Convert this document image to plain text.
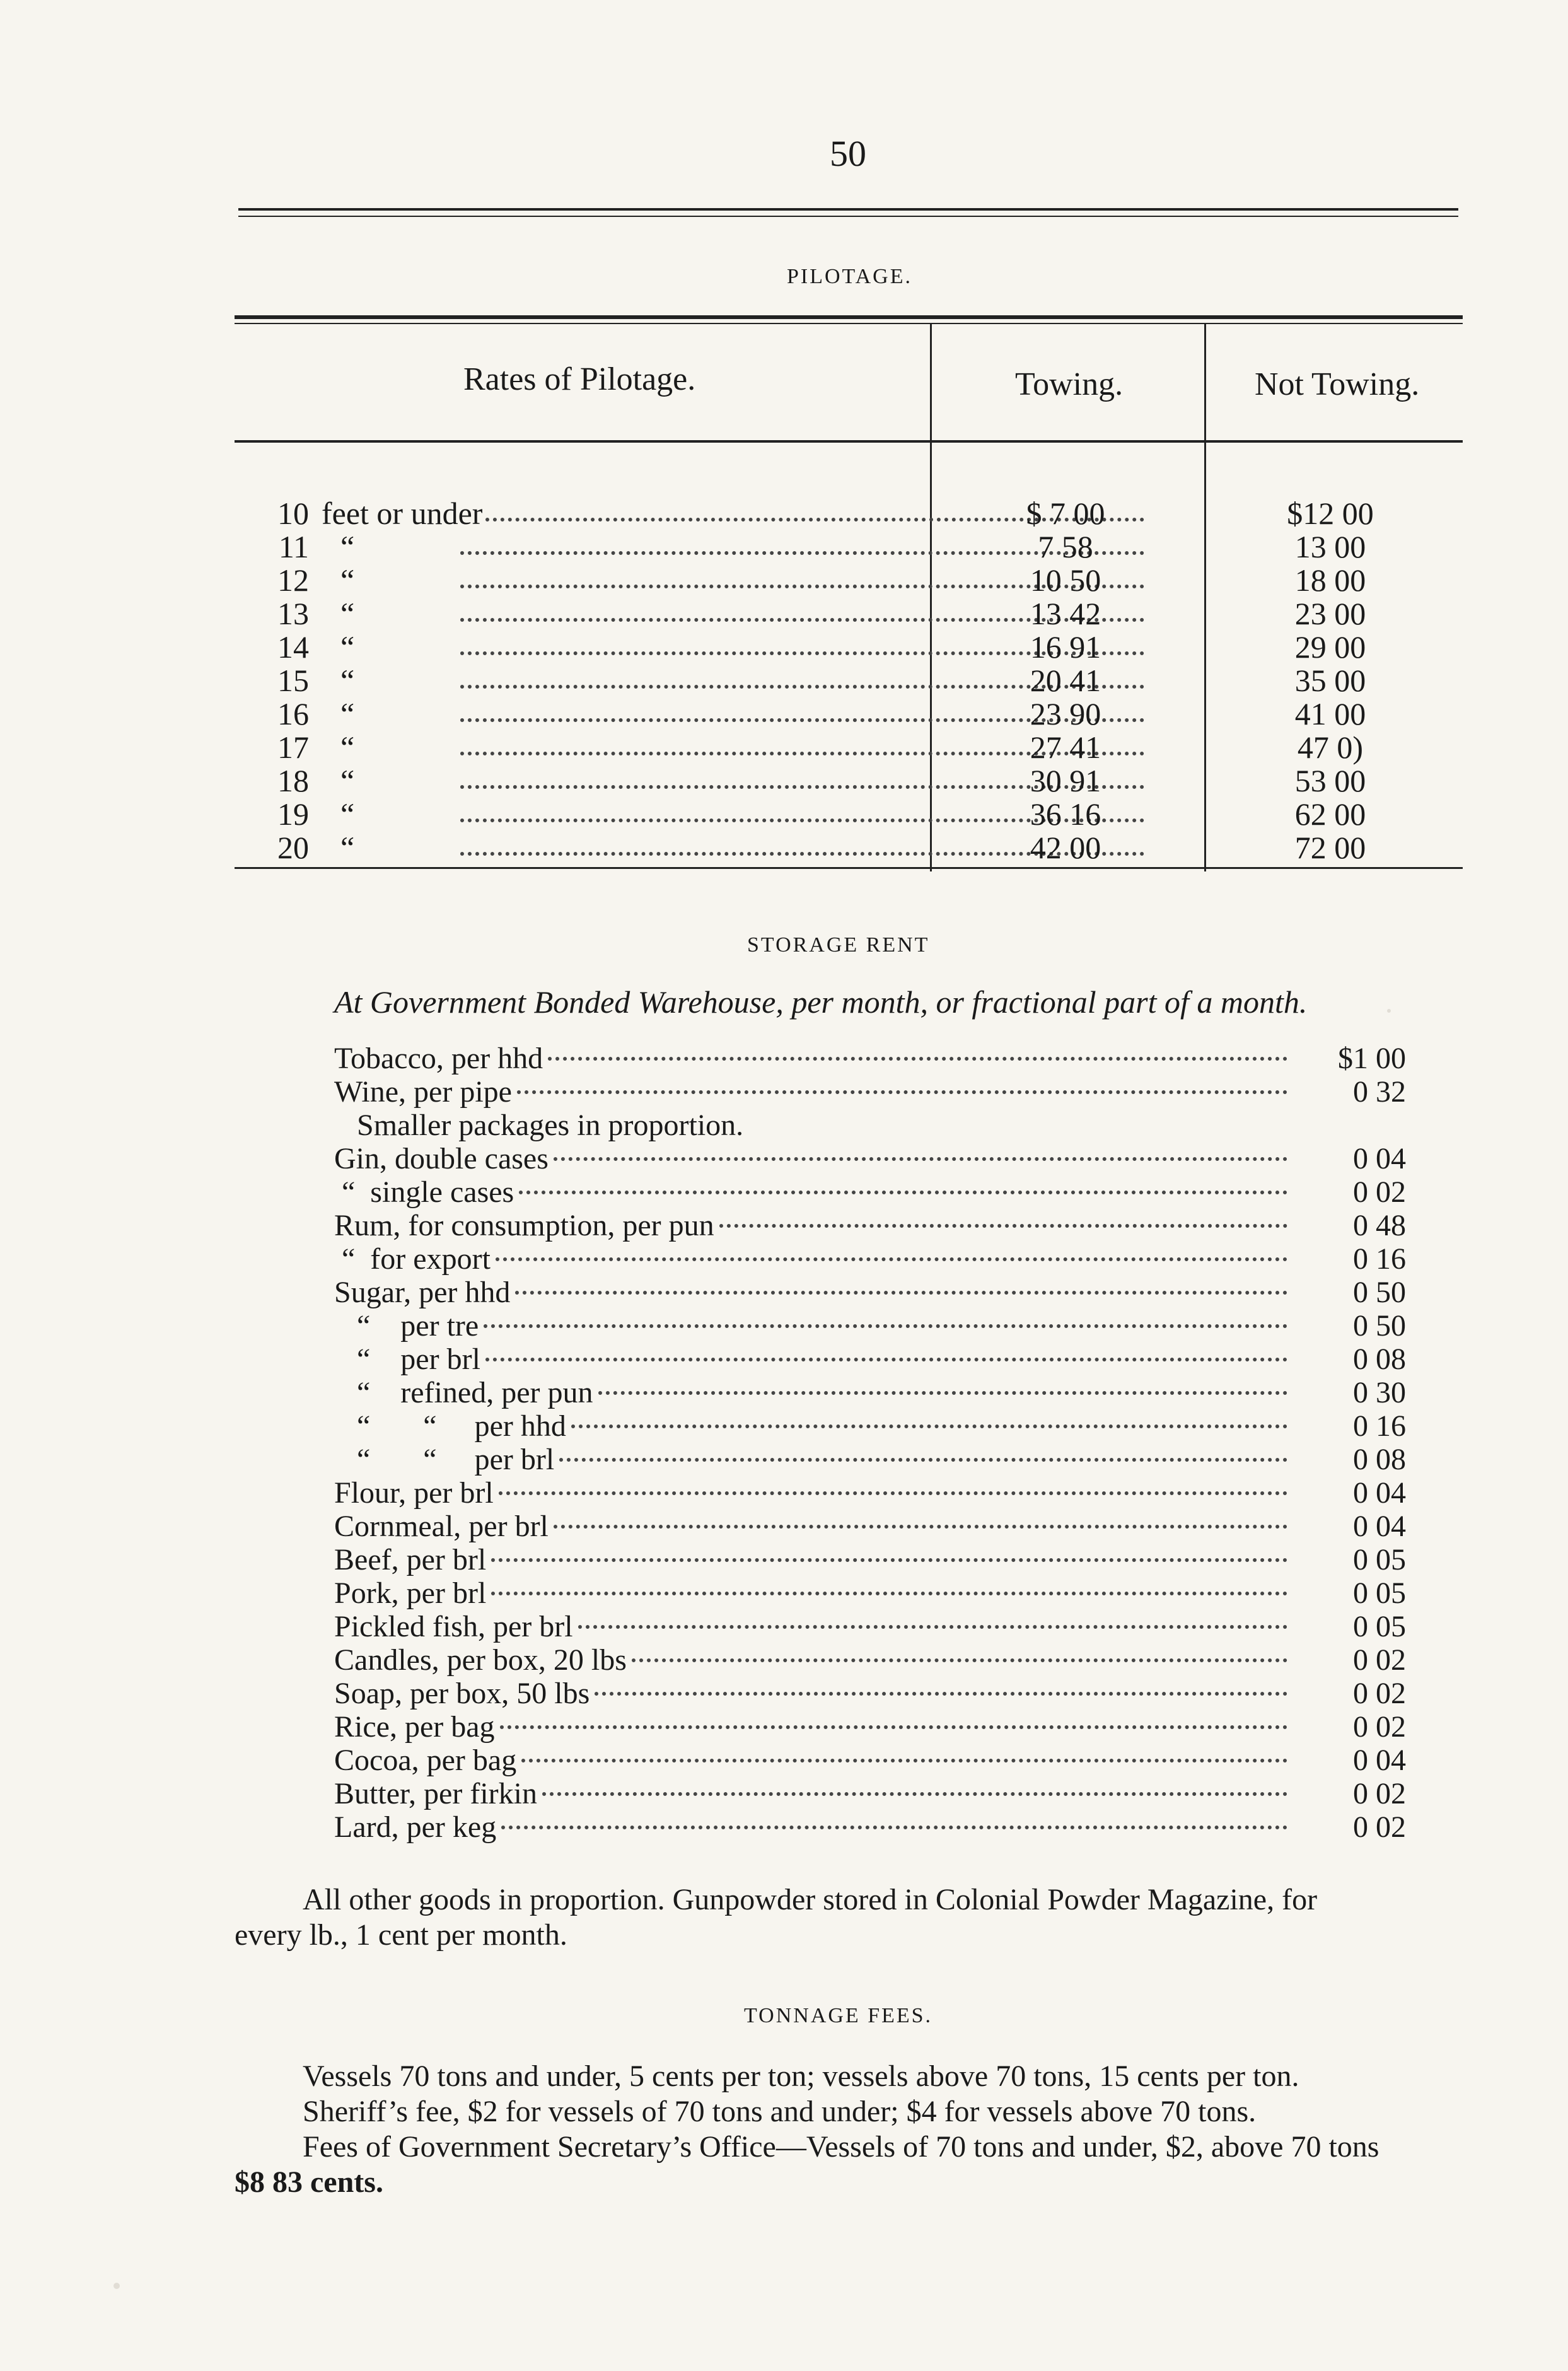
50
PILOTAGE.
Rates of Pilotage.	Towing.	Not Towing.
10 feet or under	$ 7 00	$12 00
11 “	7 58	13 00
12 “	10 50	18 00
13 “	13 42	23 00
14 “	16 91	29 00
15 “	20 41	35 00
16 “	23 90	41 00
17 “	27 41	47 0)
18 “	30 91	53 00
19 “	36 16	62 00
20 “	42 00	72 00
STORAGE RENT
At Government Bonded Warehouse, per month, or fractional part of a month.
Tobacco, per hhd	$1 00
Wine, per pipe	0 32
Smaller packages in proportion.
Gin, double cases	0 04
“  single cases	0 02
Rum, for consumption, per pun	0 48
“  for export	0 16
Sugar, per hhd	0 50
“    per tre	0 50
“    per brl	0 08
“    refined, per pun	0 30
“       “     per hhd	0 16
“       “     per brl	0 08
Flour, per brl	0 04
Cornmeal, per brl	0 04
Beef, per brl	0 05
Pork, per brl	0 05
Pickled fish, per brl	0 05
Candles, per box, 20 lbs	0 02
Soap, per box, 50 lbs	0 02
Rice, per bag	0 02
Cocoa, per bag	0 04
Butter, per firkin	0 02
Lard, per keg	0 02
All other goods in proportion. Gunpowder stored in Colonial Powder Magazine, for
every lb., 1 cent per month.
TONNAGE FEES.
Vessels 70 tons and under, 5 cents per ton; vessels above 70 tons, 15 cents per ton.
Sheriff’s fee, $2 for vessels of 70 tons and under; $4 for vessels above 70 tons.
Fees of Government Secretary’s Office—Vessels of 70 tons and under, $2, above 70 tons
$8 83 cents.
